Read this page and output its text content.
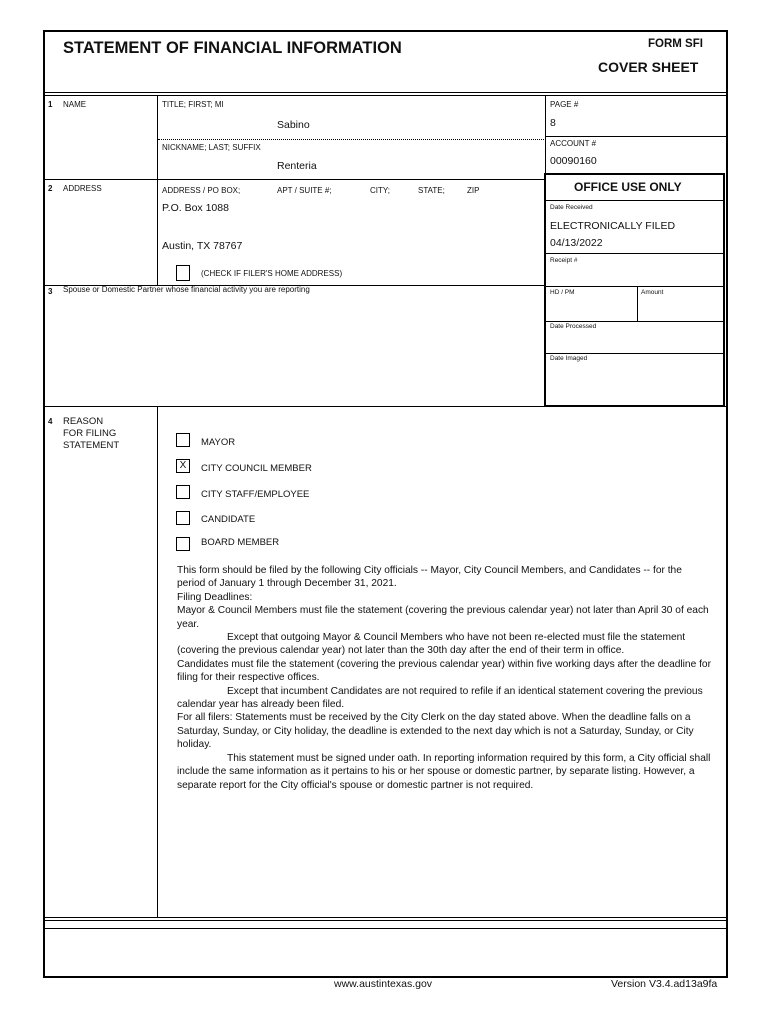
STATEMENT OF FINANCIAL INFORMATION	FORM SFI
COVER SHEET
1 NAME	TITLE; FIRST; MI
Sabino
NICKNAME; LAST; SUFFIX
Renteria
PAGE #
8
ACCOUNT #
00090160
OFFICE USE ONLY
Date Received
ELECTRONICALLY FILED
04/13/2022
Receipt #
HD / PM	Amount
Date Processed
Date Imaged
2 ADDRESS	ADDRESS / PO BOX;	APT / SUITE #;	CITY;	STATE;	ZIP
P.O. Box 1088
Austin, TX 78767
(CHECK IF FILER'S HOME ADDRESS)
3 Spouse or Domestic Partner whose financial activity you are reporting
4 REASON
FOR FILING
STATEMENT	MAYOR
X	CITY COUNCIL MEMBER
CITY STAFF/EMPLOYEE
CANDIDATE
BOARD MEMBER

This form should be filed by the following City officials -- Mayor, City Council Members, and Candidates -- for the period of January 1 through December 31, 2021.

Filing Deadlines:

Mayor & Council Members must file the statement (covering the previous calendar year) not later than April 30 of each year.

Except that outgoing Mayor & Council Members who have not been re-elected must file the statement (covering the previous calendar year) not later than the 30th day after the end of their term in office.

Candidates must file the statement (covering the previous calendar year) within five working days after the deadline for filing for their respective offices.

Except that incumbent Candidates are not required to refile if an identical statement covering the previous calendar year has already been filed.

For all filers: Statements must be received by the City Clerk on the day stated above. When the deadline falls on a Saturday, Sunday, or City holiday, the deadline is extended to the next day which is not a Saturday, Sunday, or City holiday.

This statement must be signed under oath. In reporting information required by this form, a City official shall include the same information as it pertains to his or her spouse or domestic partner, by separate listing. However, a separate report for the City official's spouse or domestic partner is not required.

www.austintexas.gov	Version V3.4.ad13a9fa
